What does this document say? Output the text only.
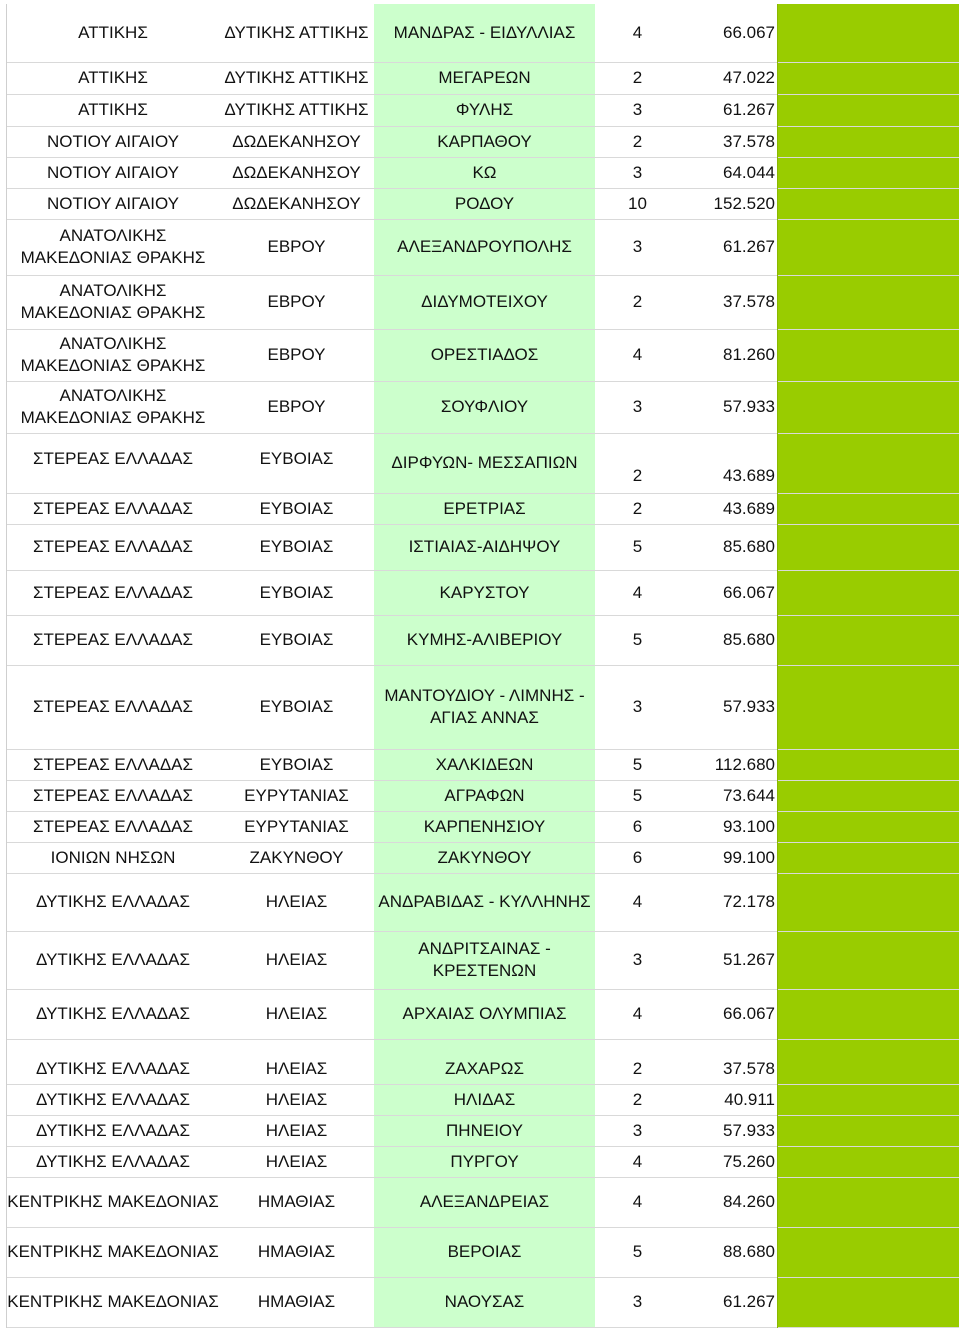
ΑΤΤΙΚΗΣ	ΔΥΤΙΚΗΣ ΑΤΤΙΚΗΣ	ΜΑΝΔΡΑΣ - ΕΙΔΥΛΛΙΑΣ	4	66.067	
ΑΤΤΙΚΗΣ	ΔΥΤΙΚΗΣ ΑΤΤΙΚΗΣ	ΜΕΓΑΡΕΩΝ	2	47.022	
ΑΤΤΙΚΗΣ	ΔΥΤΙΚΗΣ ΑΤΤΙΚΗΣ	ΦΥΛΗΣ	3	61.267	
ΝΟΤΙΟΥ ΑΙΓΑΙΟΥ	ΔΩΔΕΚΑΝΗΣΟΥ	ΚΑΡΠΑΘΟΥ	2	37.578	
ΝΟΤΙΟΥ ΑΙΓΑΙΟΥ	ΔΩΔΕΚΑΝΗΣΟΥ	ΚΩ	3	64.044	
ΝΟΤΙΟΥ ΑΙΓΑΙΟΥ	ΔΩΔΕΚΑΝΗΣΟΥ	ΡΟΔΟΥ	10	152.520	
ΑΝΑΤΟΛΙΚΗΣ ΜΑΚΕΔΟΝΙΑΣ ΘΡΑΚΗΣ	ΕΒΡΟΥ	ΑΛΕΞΑΝΔΡΟΥΠΟΛΗΣ	3	61.267	
ΑΝΑΤΟΛΙΚΗΣ ΜΑΚΕΔΟΝΙΑΣ ΘΡΑΚΗΣ	ΕΒΡΟΥ	ΔΙΔΥΜΟΤΕΙΧΟΥ	2	37.578	
ΑΝΑΤΟΛΙΚΗΣ ΜΑΚΕΔΟΝΙΑΣ ΘΡΑΚΗΣ	ΕΒΡΟΥ	ΟΡΕΣΤΙΑΔΟΣ	4	81.260	
ΑΝΑΤΟΛΙΚΗΣ ΜΑΚΕΔΟΝΙΑΣ ΘΡΑΚΗΣ	ΕΒΡΟΥ	ΣΟΥΦΛΙΟΥ	3	57.933	
ΣΤΕΡΕΑΣ ΕΛΛΑΔΑΣ	ΕΥΒΟΙΑΣ	ΔΙΡΦΥΩΝ- ΜΕΣΣΑΠΙΩΝ	2	43.689	
ΣΤΕΡΕΑΣ ΕΛΛΑΔΑΣ	ΕΥΒΟΙΑΣ	ΕΡΕΤΡΙΑΣ	2	43.689	
ΣΤΕΡΕΑΣ ΕΛΛΑΔΑΣ	ΕΥΒΟΙΑΣ	ΙΣΤΙΑΙΑΣ-ΑΙΔΗΨΟΥ	5	85.680	
ΣΤΕΡΕΑΣ ΕΛΛΑΔΑΣ	ΕΥΒΟΙΑΣ	ΚΑΡΥΣΤΟΥ	4	66.067	
ΣΤΕΡΕΑΣ ΕΛΛΑΔΑΣ	ΕΥΒΟΙΑΣ	ΚΥΜΗΣ-ΑΛΙΒΕΡΙΟΥ	5	85.680	
ΣΤΕΡΕΑΣ ΕΛΛΑΔΑΣ	ΕΥΒΟΙΑΣ	ΜΑΝΤΟΥΔΙΟΥ - ΛΙΜΝΗΣ - ΑΓΙΑΣ ΑΝΝΑΣ	3	57.933	
ΣΤΕΡΕΑΣ ΕΛΛΑΔΑΣ	ΕΥΒΟΙΑΣ	ΧΑΛΚΙΔΕΩΝ	5	112.680	
ΣΤΕΡΕΑΣ ΕΛΛΑΔΑΣ	ΕΥΡΥΤΑΝΙΑΣ	ΑΓΡΑΦΩΝ	5	73.644	
ΣΤΕΡΕΑΣ ΕΛΛΑΔΑΣ	ΕΥΡΥΤΑΝΙΑΣ	ΚΑΡΠΕΝΗΣΙΟΥ	6	93.100	
ΙΟΝΙΩΝ ΝΗΣΩΝ	ΖΑΚΥΝΘΟΥ	ΖΑΚΥΝΘΟΥ	6	99.100	
ΔΥΤΙΚΗΣ ΕΛΛΑΔΑΣ	ΗΛΕΙΑΣ	ΑΝΔΡΑΒΙΔΑΣ - ΚΥΛΛΗΝΗΣ	4	72.178	
ΔΥΤΙΚΗΣ ΕΛΛΑΔΑΣ	ΗΛΕΙΑΣ	ΑΝΔΡΙΤΣΑΙΝΑΣ - ΚΡΕΣΤΕΝΩΝ	3	51.267	
ΔΥΤΙΚΗΣ ΕΛΛΑΔΑΣ	ΗΛΕΙΑΣ	ΑΡΧΑΙΑΣ ΟΛΥΜΠΙΑΣ	4	66.067	
ΔΥΤΙΚΗΣ ΕΛΛΑΔΑΣ	ΗΛΕΙΑΣ	ΖΑΧΑΡΩΣ	2	37.578	
ΔΥΤΙΚΗΣ ΕΛΛΑΔΑΣ	ΗΛΕΙΑΣ	ΗΛΙΔΑΣ	2	40.911	
ΔΥΤΙΚΗΣ ΕΛΛΑΔΑΣ	ΗΛΕΙΑΣ	ΠΗΝΕΙΟΥ	3	57.933	
ΔΥΤΙΚΗΣ ΕΛΛΑΔΑΣ	ΗΛΕΙΑΣ	ΠΥΡΓΟΥ	4	75.260	
ΚΕΝΤΡΙΚΗΣ ΜΑΚΕΔΟΝΙΑΣ	ΗΜΑΘΙΑΣ	ΑΛΕΞΑΝΔΡΕΙΑΣ	4	84.260	
ΚΕΝΤΡΙΚΗΣ ΜΑΚΕΔΟΝΙΑΣ	ΗΜΑΘΙΑΣ	ΒΕΡΟΙΑΣ	5	88.680	
ΚΕΝΤΡΙΚΗΣ ΜΑΚΕΔΟΝΙΑΣ	ΗΜΑΘΙΑΣ	ΝΑΟΥΣΑΣ	3	61.267	
